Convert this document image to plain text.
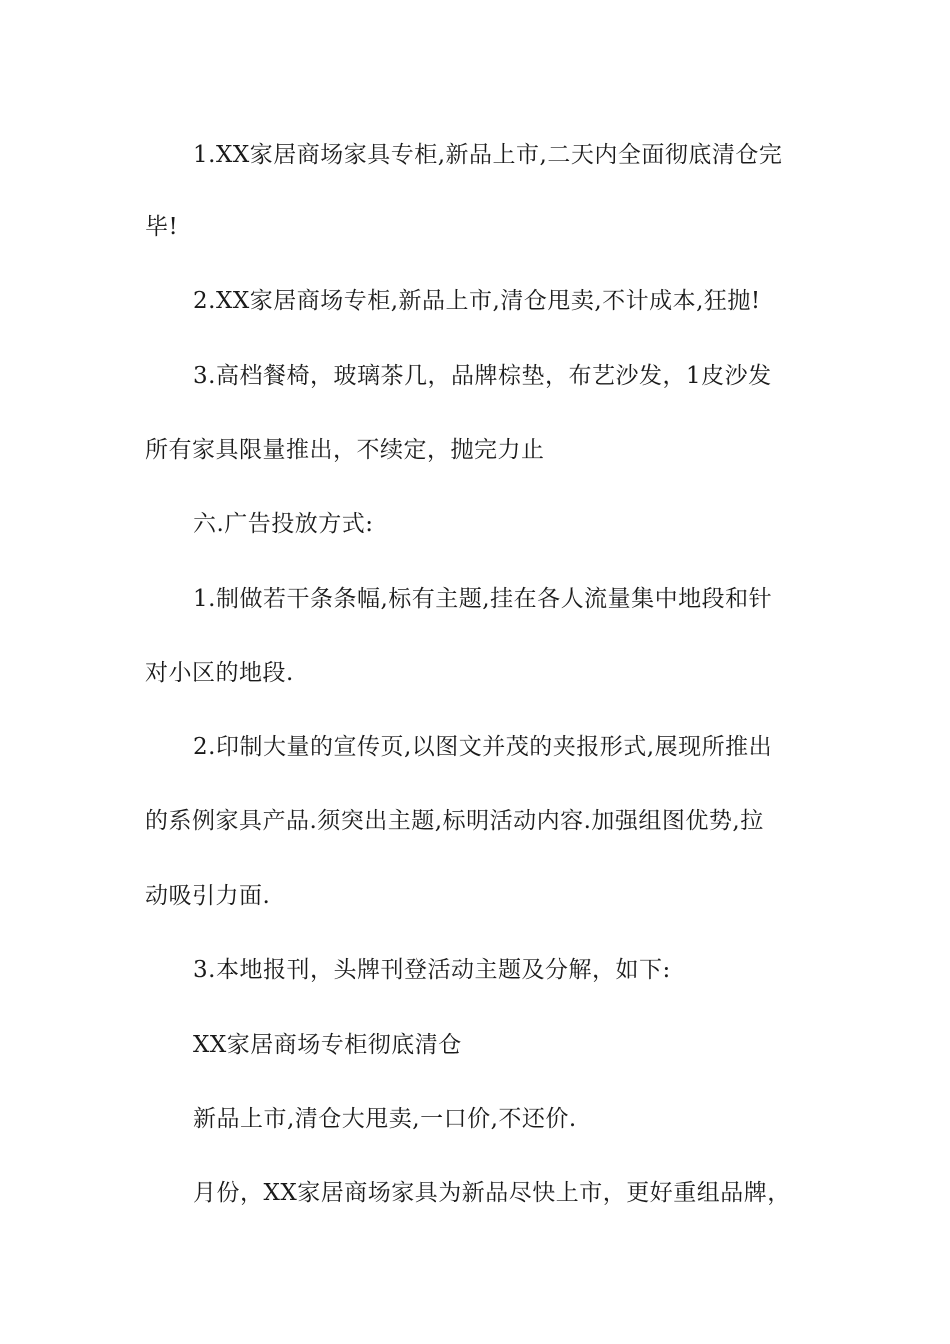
1.XX家居商场家具专柜,新品上市,二天内全面彻底清仓完
毕!
2.XX家居商场专柜,新品上市,清仓甩卖,不计成本,狂抛!
3.高档餐椅，玻璃茶几，品牌棕垫，布艺沙发，1皮沙发
所有家具限量推出，不续定，抛完力止
六.广告投放方式:
1.制做若干条条幅,标有主题,挂在各人流量集中地段和针
对小区的地段.
2.印制大量的宣传页,以图文并茂的夹报形式,展现所推出
的系例家具产品.须突出主题,标明活动内容.加强组图优势,拉
动吸引力面.
3.本地报刊，头牌刊登活动主题及分解，如下:
XX家居商场专柜彻底清仓
新品上市,清仓大甩卖,一口价,不还价.
月份，XX家居商场家具为新品尽快上市，更好重组品牌，
